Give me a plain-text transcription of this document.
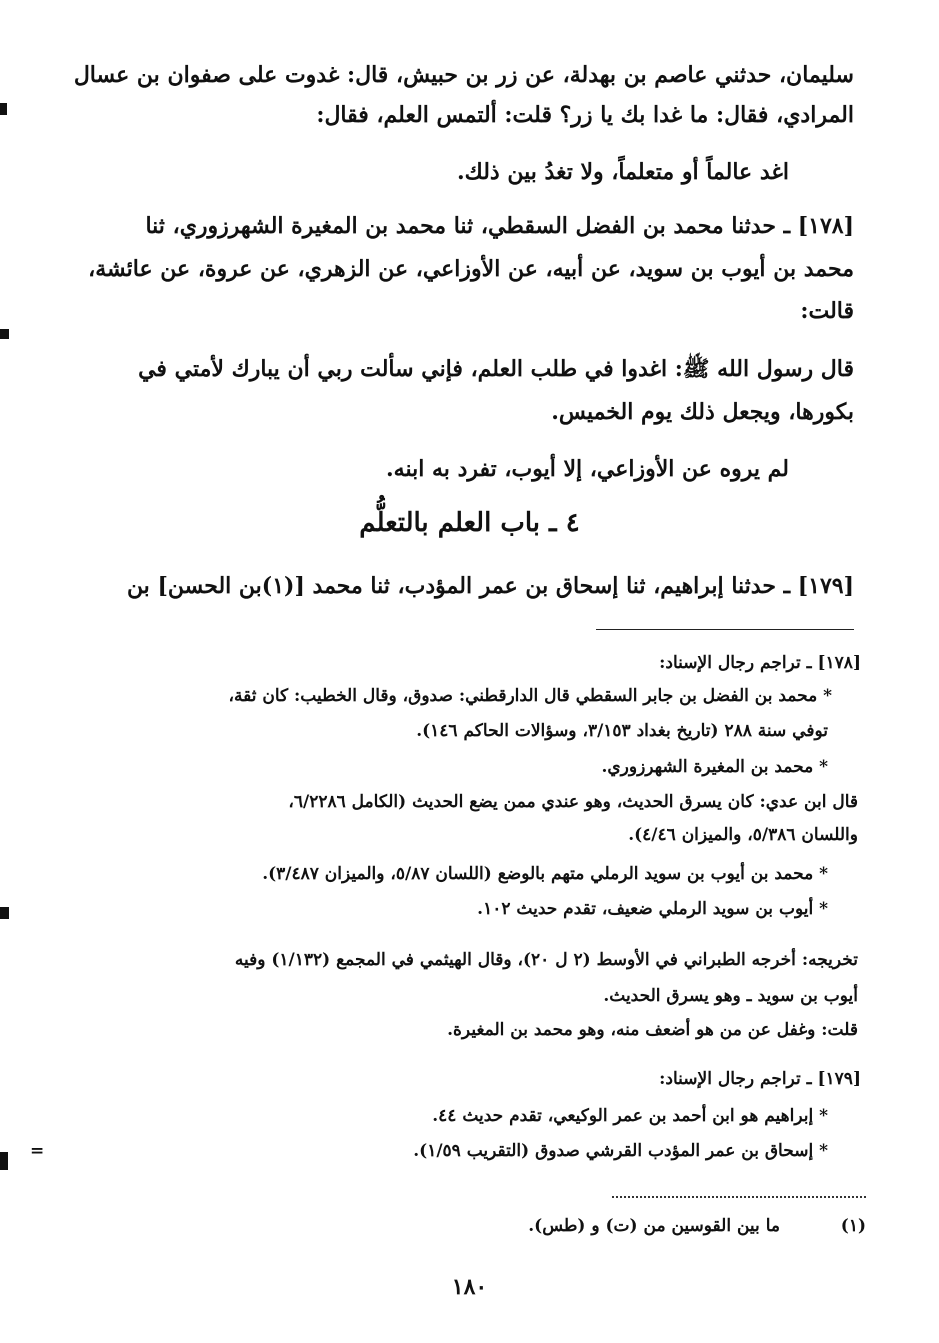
سليمان، حدثني عاصم بن بهدلة، عن زر بن حبيش، قال: غدوت على صفوان بن عسال
المرادي، فقال: ما غدا بك يا زر؟ قلت: ألتمس العلم، فقال:
اغد عالماً أو متعلماً، ولا تغدُ بين ذلك.
[١٧٨] ـ حدثنا محمد بن الفضل السقطي، ثنا محمد بن المغيرة الشهرزوري، ثنا
محمد بن أيوب بن سويد، عن أبيه، عن الأوزاعي، عن الزهري، عن عروة، عن عائشة،
قالت:
قال رسول الله ﷺ: اغدوا في طلب العلم، فإني سألت ربي أن يبارك لأمتي في
بكورها، ويجعل ذلك يوم الخميس.
لم يروه عن الأوزاعي، إلا أيوب، تفرد به ابنه.
٤ ـ باب العلم بالتعلُّم
[١٧٩] ـ حدثنا إبراهيم، ثنا إسحاق بن عمر المؤدب، ثنا محمد [(١)بن الحسن] بن
[١٧٨] ـ تراجم رجال الإسناد:
* محمد بن الفضل بن جابر السقطي قال الدارقطني: صدوق، وقال الخطيب: كان ثقة،
توفي سنة ٢٨٨ (تاريخ بغداد ٣/١٥٣، وسؤالات الحاكم ١٤٦).
* محمد بن المغيرة الشهرزوري.
قال ابن عدي: كان يسرق الحديث، وهو عندي ممن يضع الحديث (الكامل ٦/٢٢٨٦،
واللسان ٥/٣٨٦، والميزان ٤/٤٦).
* محمد بن أيوب بن سويد الرملي متهم بالوضع (اللسان ٥/٨٧، والميزان ٣/٤٨٧).
* أيوب بن سويد الرملي ضعيف، تقدم حديث ١٠٢.
تخريجه: أخرجه الطبراني في الأوسط (٢ ل ٢٠)، وقال الهيثمي في المجمع (١/١٣٢) وفيه
أيوب بن سويد ـ وهو يسرق الحديث.
قلت: وغفل عن من هو أضعف منه، وهو محمد بن المغيرة.
[١٧٩] ـ تراجم رجال الإسناد:
* إبراهيم هو ابن أحمد بن عمر الوكيعي، تقدم حديث ٤٤.
* إسحاق بن عمر المؤدب القرشي صدوق (التقريب ١/٥٩).
=
(١)
ما بين القوسين من (ت) و (طس).
١٨٠
